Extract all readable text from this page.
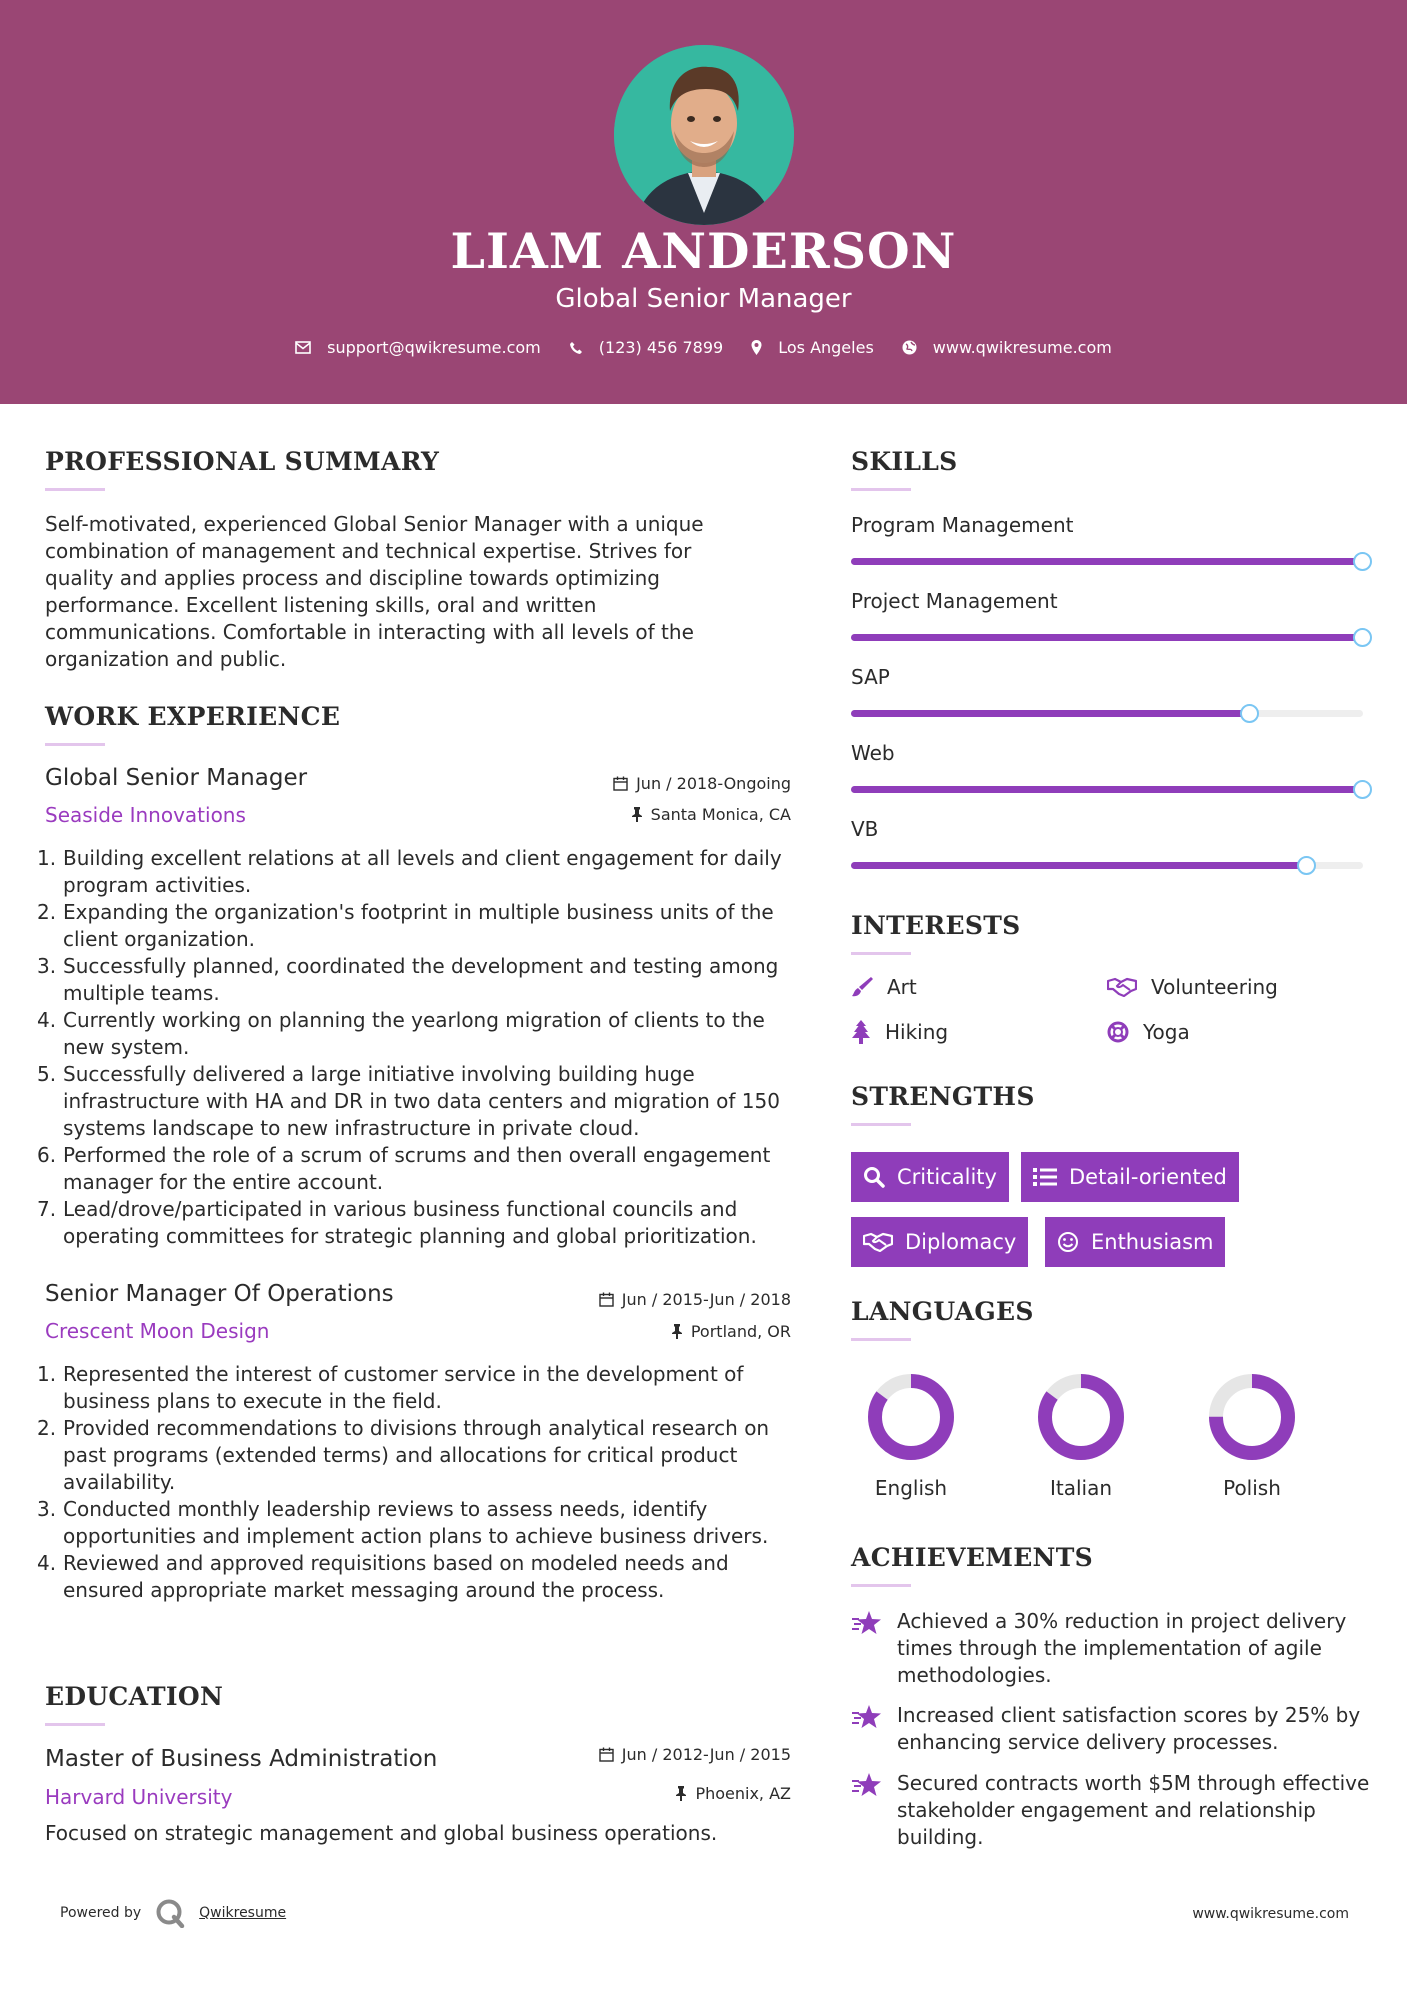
LIAM ANDERSON
Global Senior Manager
support@qwikresume.com	(123) 456 7899	Los Angeles	www.qwikresume.com
PROFESSIONAL SUMMARY
Self-motivated, experienced Global Senior Manager with a unique combination of management and technical expertise. Strives for quality and applies process and discipline towards optimizing performance. Excellent listening skills, oral and written communications. Comfortable in interacting with all levels of the organization and public.
WORK EXPERIENCE
Global Senior Manager
Seaside Innovations
Jun / 2018-Ongoing
Santa Monica, CA
1. Building excellent relations at all levels and client engagement for daily program activities.
2. Expanding the organization's footprint in multiple business units of the client organization.
3. Successfully planned, coordinated the development and testing among multiple teams.
4. Currently working on planning the yearlong migration of clients to the new system.
5. Successfully delivered a large initiative involving building huge infrastructure with HA and DR in two data centers and migration of 150 systems landscape to new infrastructure in private cloud.
6. Performed the role of a scrum of scrums and then overall engagement manager for the entire account.
7. Lead/drove/participated in various business functional councils and operating committees for strategic planning and global prioritization.
Senior Manager Of Operations
Crescent Moon Design
Jun / 2015-Jun / 2018
Portland, OR
1. Represented the interest of customer service in the development of business plans to execute in the field.
2. Provided recommendations to divisions through analytical research on past programs (extended terms) and allocations for critical product availability.
3. Conducted monthly leadership reviews to assess needs, identify opportunities and implement action plans to achieve business drivers.
4. Reviewed and approved requisitions based on modeled needs and ensured appropriate market messaging around the process.
EDUCATION
Master of Business Administration
Harvard University
Jun / 2012-Jun / 2015
Phoenix, AZ
Focused on strategic management and global business operations.
SKILLS
Program Management
Project Management
SAP
Web
VB
INTERESTS
Art	Volunteering
Hiking	Yoga
STRENGTHS
Criticality	Detail-oriented
Diplomacy	Enthusiasm
LANGUAGES
English	Italian	Polish
ACHIEVEMENTS
Achieved a 30% reduction in project delivery times through the implementation of agile methodologies.
Increased client satisfaction scores by 25% by enhancing service delivery processes.
Secured contracts worth $5M through effective stakeholder engagement and relationship building.
Powered by	Qwikresume	www.qwikresume.com
